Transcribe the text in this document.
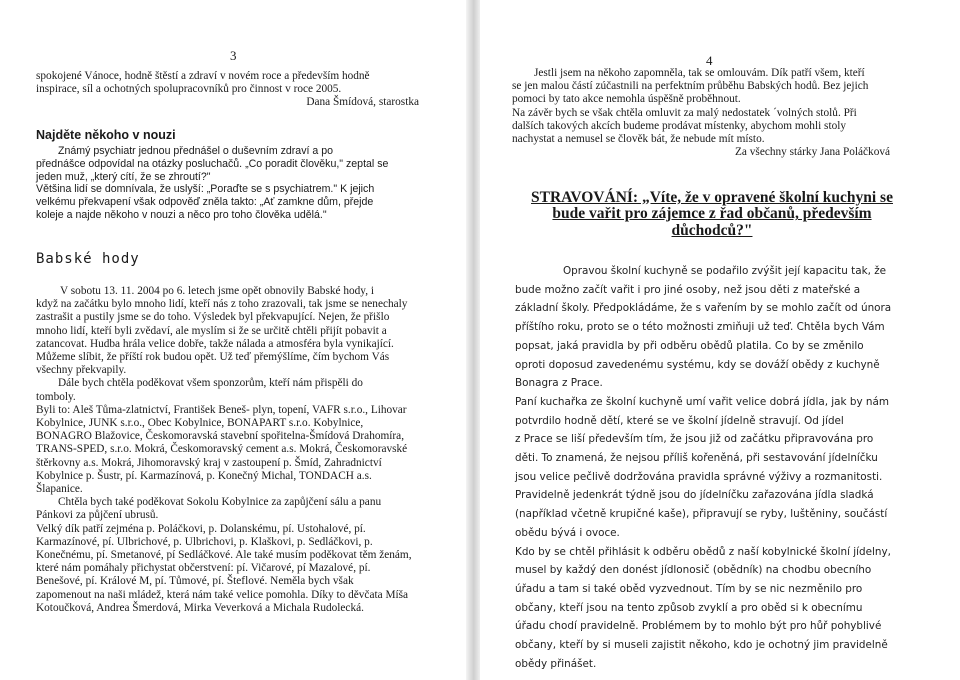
3
spokojené Vánoce, hodně štěstí a zdraví v novém roce a především hodně
inspirace, síl a ochotných spolupracovníků pro činnost v roce 2005.
Dana Šmídová, starostka
Najděte někoho v nouzi
Známý psychiatr jednou přednášel o duševním zdraví a po
přednášce odpovídal na otázky posluchačů. „Co poradit člověku," zeptal se
jeden muž, „který cítí, že se zhroutí?"
Většina lidí se domnívala, že uslyší: „Poraďte se s psychiatrem." K jejich
velkému překvapení však odpověď zněla takto: „Ať zamkne dům, přejde
koleje a najde někoho v nouzi a něco pro toho člověka udělá."
Babské hody
V sobotu 13. 11. 2004 po 6. letech jsme opět obnovily Babské hody, i
když na začátku bylo mnoho lidí, kteří nás z toho zrazovali, tak jsme se nenechaly
zastrašit a pustily jsme se do toho. Výsledek byl překvapující. Nejen, že přišlo
mnoho lidí, kteří byli zvědaví, ale myslím si že se určitě chtěli přijít pobavit a
zatancovat. Hudba hrála velice dobře, takže nálada a atmosféra byla vynikající.
Můžeme slíbit, že příští rok budou opět. Už teď přemýšlíme, čím bychom Vás
všechny překvapily.
Dále bych chtěla poděkovat všem sponzorům, kteří nám přispěli do
tomboly.
Byli to: Aleš Tůma-zlatnictví, František Beneš- plyn, topení, VAFR s.r.o., Lihovar
Kobylnice, JUNK s.r.o., Obec Kobylnice, BONAPART s.r.o. Kobylnice,
BONAGRO Blažovice, Českomoravská stavební spořitelna-Šmídová Drahomíra,
TRANS-SPED, s.r.o. Mokrá, Českomoravský cement a.s. Mokrá, Českomoravské
štěrkovny a.s. Mokrá, Jihomoravský kraj v zastoupení p. Šmíd, Zahradnictví
Kobylnice p. Šustr, pí. Karmazínová, p. Konečný Michal, TONDACH a.s.
Šlapanice.
Chtěla bych také poděkovat Sokolu Kobylnice za zapůjčení sálu a panu
Pánkovi za půjčení ubrusů.
Velký dík patří zejména p. Poláčkovi, p. Dolanskému, pí. Ustohalové, pí.
Karmazínové, pí. Ulbrichové, p. Ulbrichovi, p. Klaškovi, p. Sedláčkovi, p.
Konečnému, pí. Smetanové, pí Sedláčkové. Ale také musím poděkovat těm ženám,
které nám pomáhaly přichystat občerstvení: pí. Vičarové, pí Mazalové, pí.
Benešové, pí. Králové M, pí. Tůmové, pí. Šteflové. Neměla bych však
zapomenout na naši mládež, která nám také velice pomohla. Díky to děvčata Míša
Kotoučková, Andrea Šmerdová, Mirka Veverková a Michala Rudolecká.
4
Jestli jsem na někoho zapomněla, tak se omlouvám. Dík patří všem, kteří
se jen malou částí zúčastnili na perfektním průběhu Babských hodů. Bez jejich
pomoci by tato akce nemohla úspěšně proběhnout.
Na závěr bych se však chtěla omluvit za malý nedostatek ´volných stolů. Při
dalších takových akcích budeme prodávat místenky, abychom mohli stoly
nachystat a nemusel se člověk bát, že nebude mít místo.
Za všechny stárky Jana Poláčková
STRAVOVÁNÍ: „Víte, že v opravené školní kuchyni se
bude vařit pro zájemce z řad občanů, především
důchodců?"
Opravou školní kuchyně se podařilo zvýšit její kapacitu tak, že
bude možno začít vařit i pro jiné osoby, než jsou děti z mateřské a
základní školy. Předpokládáme, že s vařením by se mohlo začít od února
příštího roku, proto se o této možnosti zmiňuji už teď. Chtěla bych Vám
popsat, jaká pravidla by při odběru obědů platila. Co by se změnilo
oproti doposud zavedenému systému, kdy se dováží obědy z kuchyně
Bonagra z Prace.
Paní kuchařka ze školní kuchyně umí vařit velice dobrá jídla, jak by nám
potvrdilo hodně dětí, které se ve školní jídelně stravují. Od jídel
z Prace se liší především tím, že jsou již od začátku připravována pro
děti. To znamená, že nejsou příliš kořeněná, při sestavování jídelníčku
jsou velice pečlivě dodržována pravidla správné výživy a rozmanitosti.
Pravidelně jedenkrát týdně jsou do jídelníčku zařazována jídla sladká
(například včetně krupičné kaše), připravují se ryby, luštěniny, součástí
obědu bývá i ovoce.
Kdo by se chtěl přihlásit k odběru obědů z naší kobylnické školní jídelny,
musel by každý den donést jídlonosič (obědník) na chodbu obecního
úřadu a tam si také oběd vyzvednout. Tím by se nic nezměnilo pro
občany, kteří jsou na tento způsob zvyklí a pro oběd si k obecnímu
úřadu chodí pravidelně. Problémem by to mohlo být pro hůř pohyblivé
občany, kteří by si museli zajistit někoho, kdo je ochotný jim pravidelně
obědy přinášet.
